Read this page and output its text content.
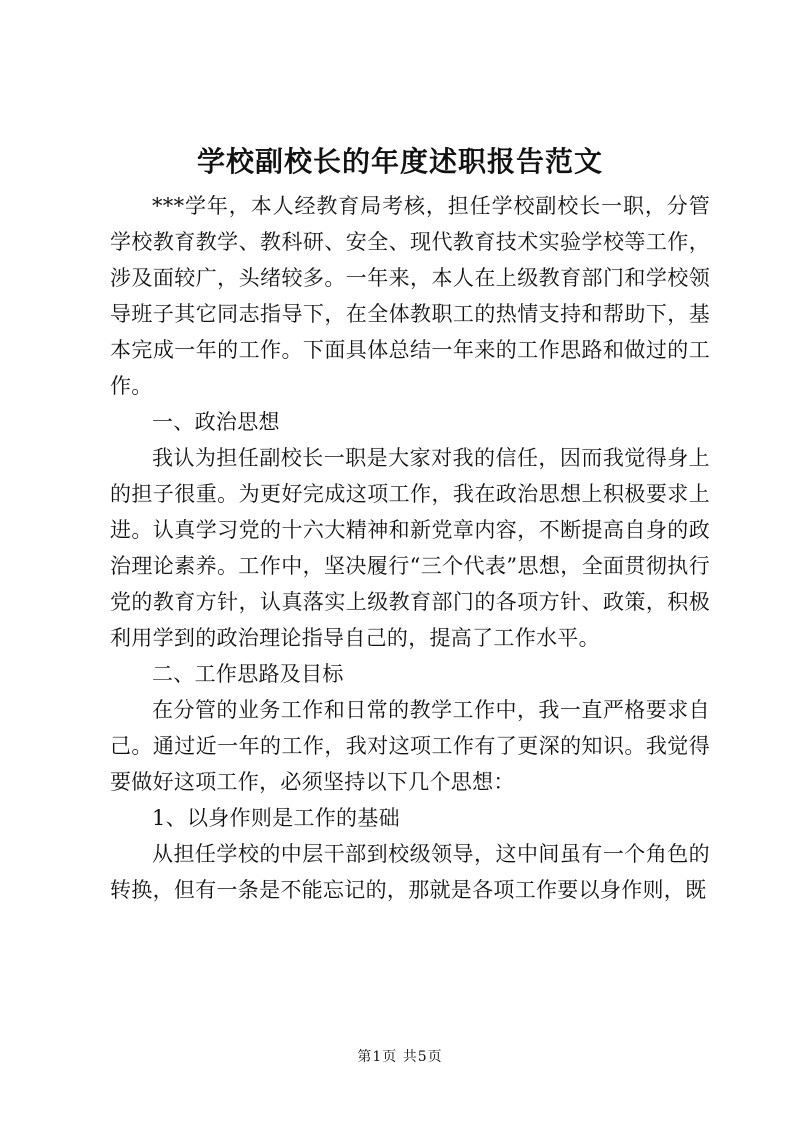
学校副校长的年度述职报告范文

***学年，本人经教育局考核，担任学校副校长一职，分管学校教育教学、教科研、安全、现代教育技术实验学校等工作，涉及面较广，头绪较多。一年来，本人在上级教育部门和学校领导班子其它同志指导下，在全体教职工的热情支持和帮助下，基本完成一年的工作。下面具体总结一年来的工作思路和做过的工作。

一、政治思想

我认为担任副校长一职是大家对我的信任，因而我觉得身上的担子很重。为更好完成这项工作，我在政治思想上积极要求上进。认真学习党的十六大精神和新党章内容，不断提高自身的政治理论素养。工作中，坚决履行“三个代表”思想，全面贯彻执行党的教育方针，认真落实上级教育部门的各项方针、政策，积极利用学到的政治理论指导自己的，提高了工作水平。

二、工作思路及目标

在分管的业务工作和日常的教学工作中，我一直严格要求自己。通过近一年的工作，我对这项工作有了更深的知识。我觉得要做好这项工作，必须坚持以下几个思想：

1、以身作则是工作的基础

从担任学校的中层干部到校级领导，这中间虽有一个角色的转换，但有一条是不能忘记的，那就是各项工作要以身作则，既

第1页 共5页
